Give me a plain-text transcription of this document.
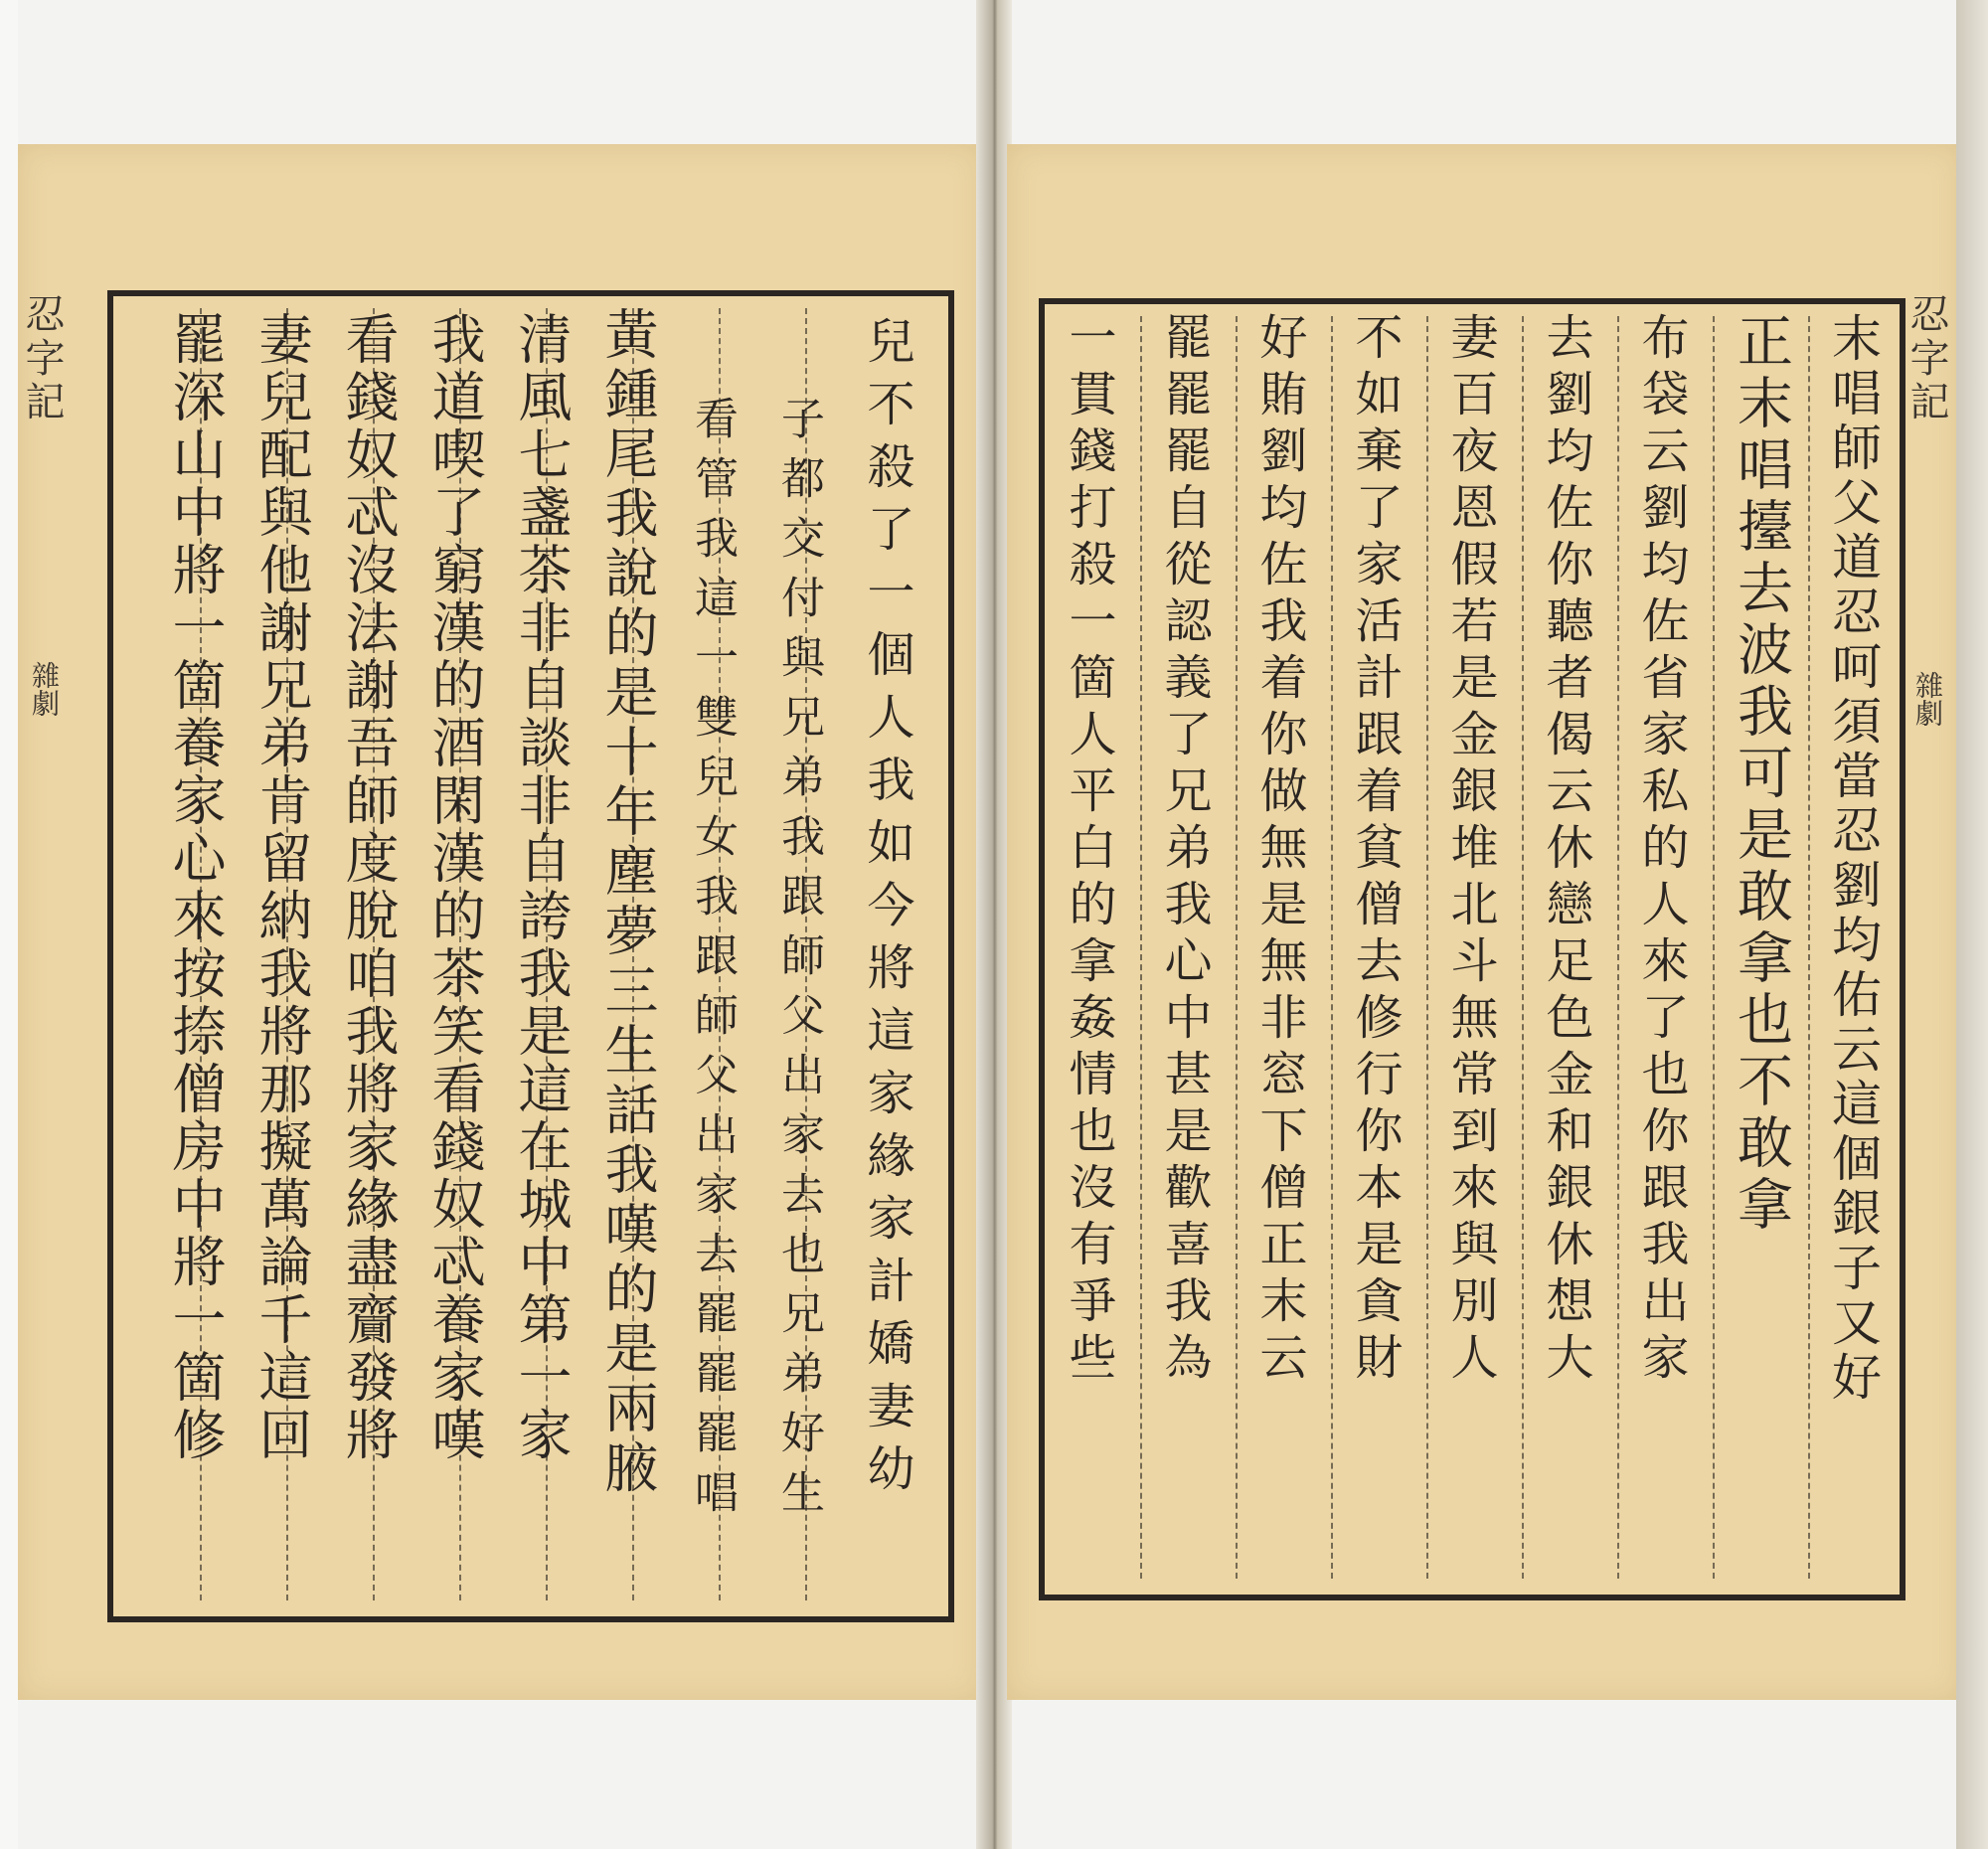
忍字記
雜劇	兒不殺了一個人我如今將這家緣家計嬌妻幼
子都交付與兄弟我跟師父出家去也兄弟好生
看管我這一雙兒女我跟師父出家去罷罷罷唱
黃鍾尾我說的是十年塵夢三生話我嘆的是兩腋
清風七盞茶非自談非自誇我是這在城中第一家
我道喫了窮漢的酒閑漢的茶笑看錢奴忒養家嘆
看錢奴忒沒法謝吾師度脫咱我將家緣盡齎發將
妻兒配與他謝兄弟肯留納我將那擬萬論千這回
罷深山中將一箇養家心來按捺僧房中將一箇修	忍字記
雜劇
末唱師父道忍呵須當忍劉均佑云這個銀子又好
正末唱擡去波我可是敢拿也不敢拿
布袋云劉均佐省家私的人來了也你跟我出家
去劉均佐你聽者偈云休戀足色金和銀休想大
妻百夜恩假若是金銀堆北斗無常到來與別人
不如棄了家活計跟着貧僧去修行你本是貪財
好賄劉均佐我着你做無是無非窓下僧正末云
罷罷罷自從認義了兄弟我心中甚是歡喜我為
一貫錢打殺一箇人平白的拿姦情也沒有爭些
